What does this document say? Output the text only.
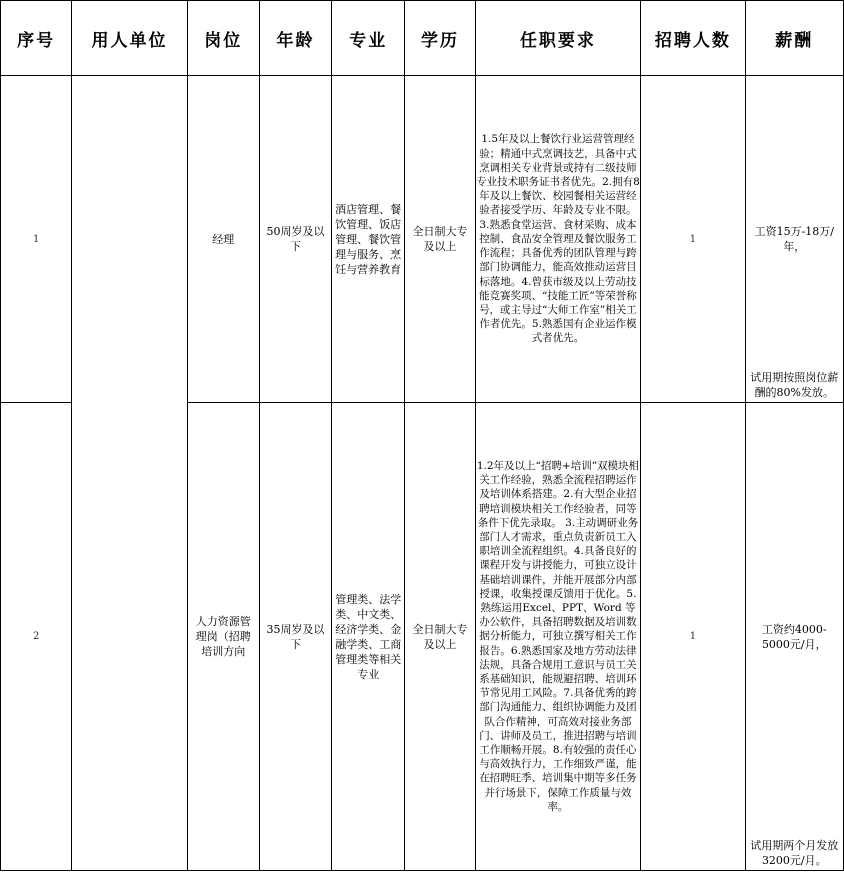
序号	用人单位	岗位	年龄	专业	学历	任职要求	招聘人数	薪酬
1		经理	50周岁及以下	酒店管理、餐饮管理、饭店管理、餐饮管理与服务、烹饪与营养教育	全日制大专及以上	1.5年及以上餐饮行业运营管理经验；精通中式烹调技艺，具备中式烹调相关专业背景或持有二级技师专业技术职务证书者优先。2.拥有8年及以上餐饮、校园餐相关运营经验者接受学历、年龄及专业不限。3.熟悉食堂运营、食材采购、成本控制、食品安全管理及餐饮服务工作流程；具备优秀的团队管理与跨部门协调能力，能高效推动运营目标落地。4.曾获市级及以上劳动技能竞赛奖项、“技能工匠”等荣誉称号，或主导过“大师工作室”相关工作者优先。5.熟悉国有企业运作模式者优先。	1	工资15万-18万/年，
试用期按照岗位薪酬的80%发放。

2		人力资源管理岗（招聘培训方向	35周岁及以下	管理类、法学类、中文类、经济学类、金融学类、工商管理类等相关专业	全日制大专及以上	1.2年及以上“招聘+培训”双模块相关工作经验，熟悉全流程招聘运作及培训体系搭建。2.有大型企业招聘培训模块相关工作经验者，同等条件下优先录取。 3.主动调研业务部门人才需求，重点负责新员工入职培训全流程组织。4.具备良好的课程开发与讲授能力，可独立设计基础培训课件，并能开展部分内部授课，收集授课反馈用于优化。5.熟练运用Excel、PPT、Word 等办公软件，具备招聘数据及培训数据分析能力，可独立撰写相关工作报告。6.熟悉国家及地方劳动法律法规，具备合规用工意识与员工关系基础知识，能规避招聘、培训环节常见用工风险。7.具备优秀的跨部门沟通能力、组织协调能力及团队合作精神，可高效对接业务部门、讲师及员工，推进招聘与培训工作顺畅开展。8.有较强的责任心与高效执行力，工作细致严谨，能在招聘旺季、培训集中期等多任务并行场景下，保障工作质量与效率。	1	工资约4000-5000元/月，
试用期两个月发放3200元/月。
